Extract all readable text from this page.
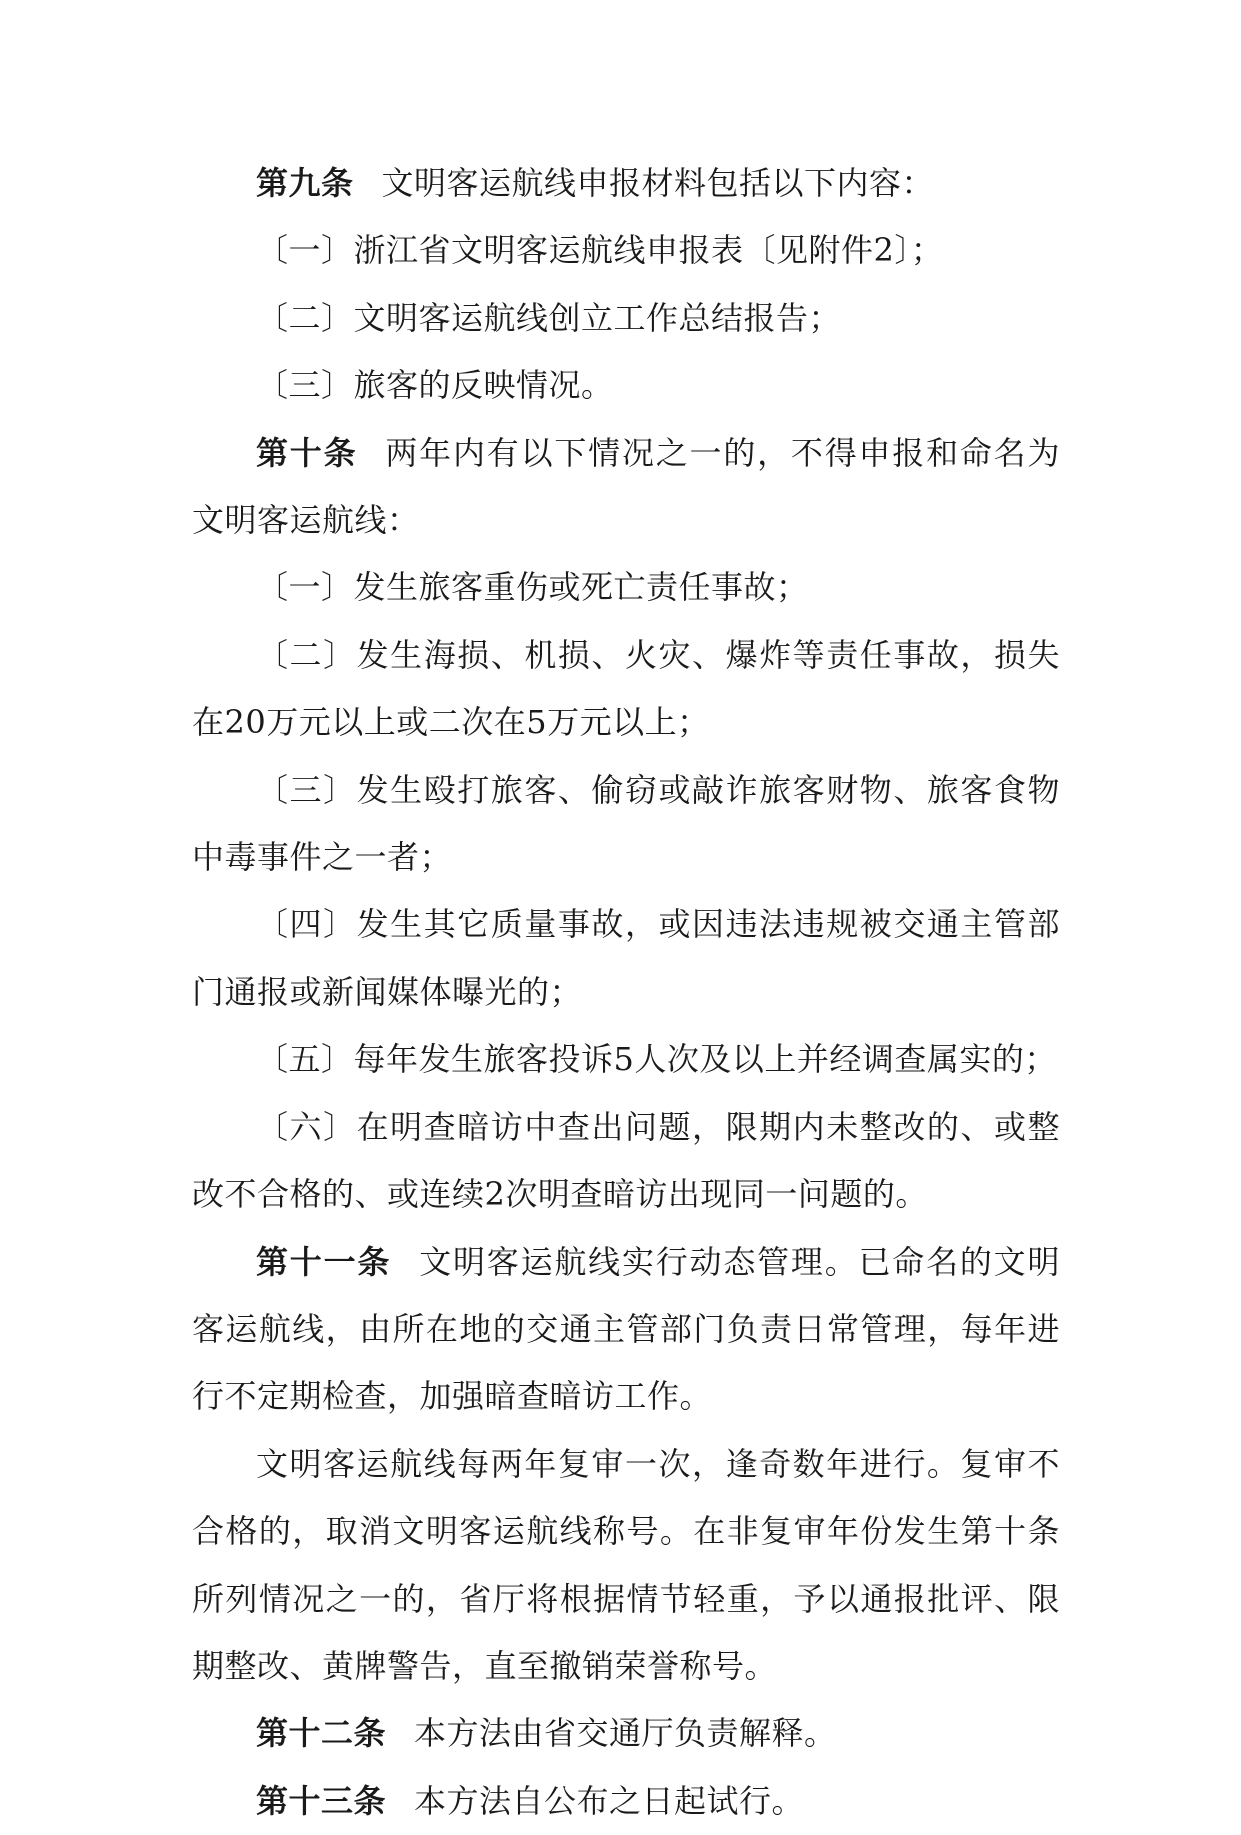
第九条 文明客运航线申报材料包括以下内容：

〔一〕浙江省文明客运航线申报表〔见附件2〕；

〔二〕文明客运航线创立工作总结报告；

〔三〕旅客的反映情况。

第十条 两年内有以下情况之一的，不得申报和命名为文明客运航线：

〔一〕发生旅客重伤或死亡责任事故；

〔二〕发生海损、机损、火灾、爆炸等责任事故，损失在20万元以上或二次在5万元以上；

〔三〕发生殴打旅客、偷窃或敲诈旅客财物、旅客食物中毒事件之一者；

〔四〕发生其它质量事故，或因违法违规被交通主管部门通报或新闻媒体曝光的；

〔五〕每年发生旅客投诉5人次及以上并经调查属实的；

〔六〕在明查暗访中查出问题，限期内未整改的、或整改不合格的、或连续2次明查暗访出现同一问题的。

第十一条 文明客运航线实行动态管理。已命名的文明客运航线，由所在地的交通主管部门负责日常管理，每年进行不定期检查，加强暗查暗访工作。

文明客运航线每两年复审一次，逢奇数年进行。复审不合格的，取消文明客运航线称号。在非复审年份发生第十条所列情况之一的，省厅将根据情节轻重，予以通报批评、限期整改、黄牌警告，直至撤销荣誉称号。

第十二条 本方法由省交通厅负责解释。

第十三条 本方法自公布之日起试行。
